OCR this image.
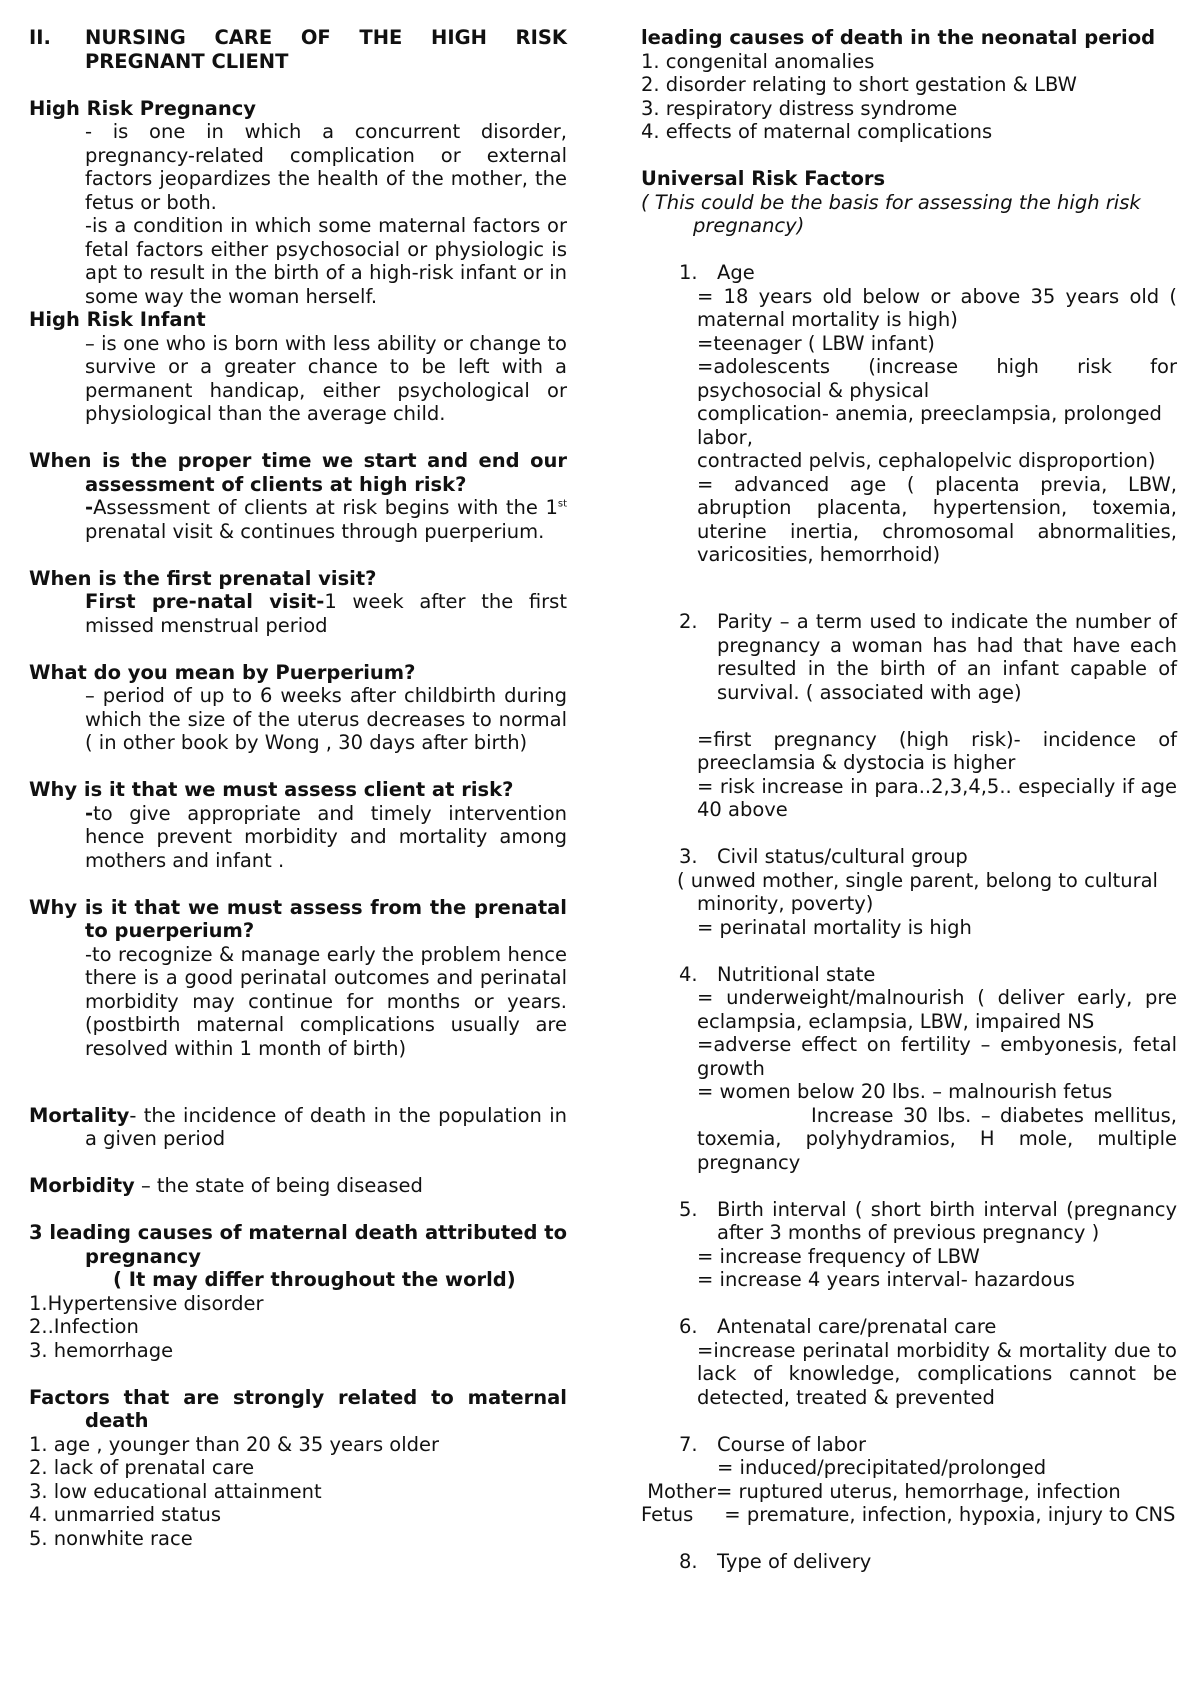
II.	NURSING CARE OF THE HIGH RISK PREGNANT CLIENT
High Risk Pregnancy
- is one in which a concurrent disorder, pregnancy-related complication or external factors jeopardizes the health of the mother, the fetus or both.
-is a condition in which some maternal factors or fetal factors either psychosocial or physiologic is apt to result in the birth of a high-risk infant or in some way the woman herself.
High Risk Infant
– is one who is born with less ability or change to survive or a greater chance to be left with a permanent handicap, either psychological or physiological than the average child.
When is the proper time we start and end our assessment of clients at high risk?
-Assessment of clients at risk begins with the 1st prenatal visit & continues through puerperium.
When is the first prenatal visit?
First pre-natal visit-1 week after the first missed menstrual period
What do you mean by Puerperium?
– period of up to 6 weeks after childbirth during which the size of the uterus decreases to normal ( in other book by Wong , 30 days after birth)
Why is it that we must assess client at risk?
-to give appropriate and timely intervention hence prevent morbidity and mortality among mothers and infant .
Why is it that we must assess from the prenatal to puerperium?
-to recognize & manage early the problem hence there is a good perinatal outcomes and perinatal morbidity may continue for months or years. (postbirth maternal complications usually are resolved within 1 month of birth)
Mortality- the incidence of death in the population in a given period
Morbidity – the state of being diseased
3 leading causes of maternal death attributed to pregnancy
( It may differ throughout the world)
1.Hypertensive disorder
2..Infection
3. hemorrhage
Factors that are strongly related to maternal death
1. age , younger than 20 & 35 years older
2. lack of prenatal care
3. low educational attainment
4. unmarried status
5. nonwhite race
leading causes of death in the neonatal period
1. congenital anomalies
2. disorder relating to short gestation & LBW
3. respiratory distress syndrome
4. effects of maternal complications
Universal Risk Factors
( This could be the basis for assessing the high risk pregnancy)
1. Age
= 18 years old below or above 35 years old ( maternal mortality is high)
=teenager ( LBW infant)
=adolescents (increase high risk for psychosocial & physical
complication- anemia, preeclampsia, prolonged labor,
contracted pelvis, cephalopelvic disproportion)
= advanced age ( placenta previa, LBW, abruption placenta, hypertension, toxemia, uterine inertia, chromosomal abnormalities, varicosities, hemorrhoid)
2. Parity – a term used to indicate the number of pregnancy a woman has had that have each resulted in the birth of an infant capable of survival. ( associated with age)
=first pregnancy (high risk)- incidence of preeclamsia & dystocia is higher
= risk increase in para..2,3,4,5.. especially if age 40 above
3. Civil status/cultural group
( unwed mother, single parent, belong to cultural minority, poverty)
= perinatal mortality is high
4. Nutritional state
= underweight/malnourish ( deliver early, pre eclampsia, eclampsia, LBW, impaired NS
=adverse effect on fertility – embyonesis, fetal growth
= women below 20 lbs. – malnourish fetus
Increase 30 lbs. – diabetes mellitus, toxemia, polyhydramios, H mole, multiple pregnancy
5. Birth interval ( short birth interval (pregnancy after 3 months of previous pregnancy )
= increase frequency of LBW
= increase 4 years interval- hazardous
6. Antenatal care/prenatal care
=increase perinatal morbidity & mortality due to lack of knowledge, complications cannot be detected, treated & prevented
7. Course of labor
= induced/precipitated/prolonged
Mother= ruptured uterus, hemorrhage, infection
Fetus     = premature, infection, hypoxia, injury to CNS
8. Type of delivery
